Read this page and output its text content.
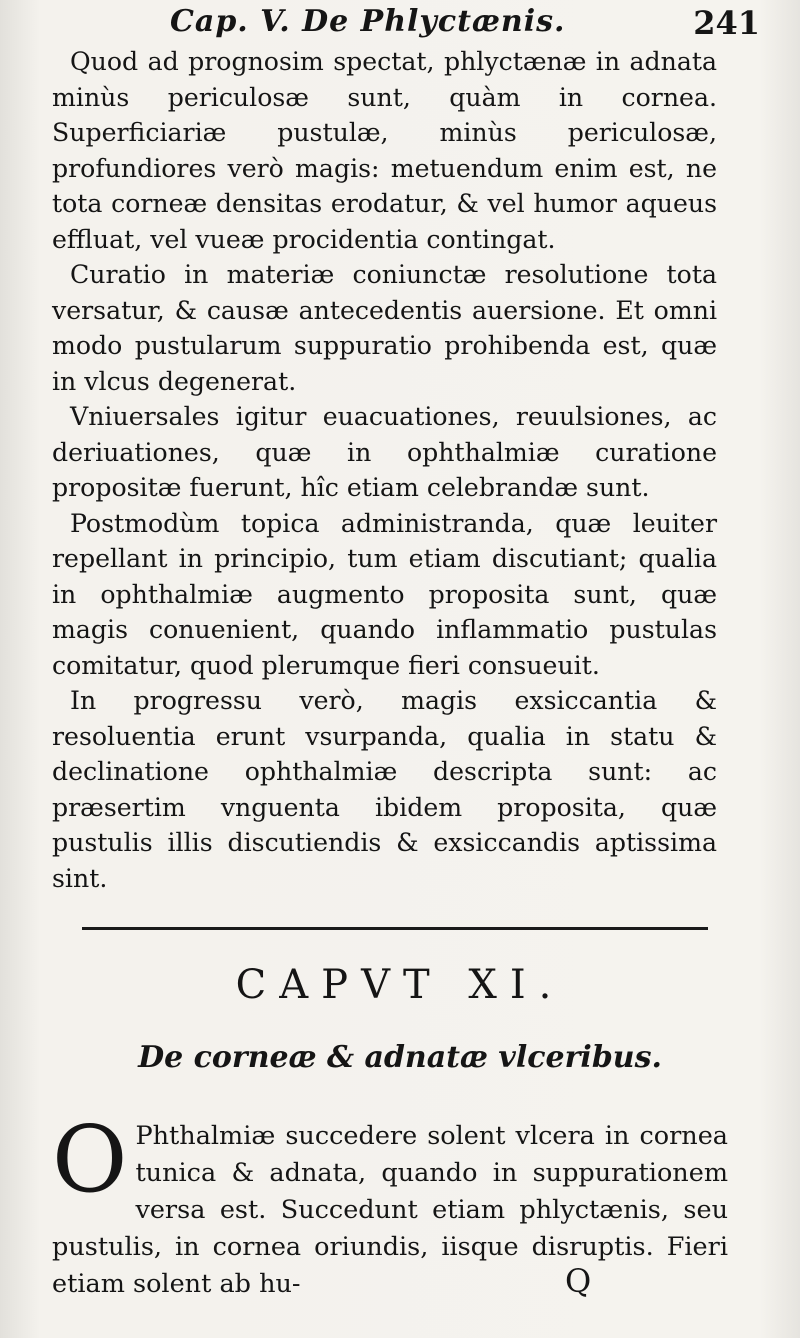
Cap. V. De Phlyctænis.	241

Quod ad prognosim spectat, phlyctænæ in adnata minùs periculosæ sunt, quàm in cornea. Superficiariæ pustulæ, minùs periculosæ, profundiores verò magis: metuendum enim est, ne tota corneæ densitas erodatur, & vel humor aqueus effluat, vel vueæ procidentia contingat.

Curatio in materiæ coniunctæ resolutione tota versatur, & causæ antecedentis auersione. Et omni modo pustularum suppuratio prohibenda est, quæ in vlcus degenerat.

Vniuersales igitur euacuationes, reuulsiones, ac deriuationes, quæ in ophthalmiæ curatione propositæ fuerunt, hîc etiam celebrandæ sunt.

Postmodùm topica administranda, quæ leuiter repellant in principio, tum etiam discutiant; qualia in ophthalmiæ augmento proposita sunt, quæ magis conuenient, quando inflammatio pustulas comitatur, quod plerumque fieri consueuit.

In progressu verò, magis exsiccantia & resoluentia erunt vsurpanda, qualia in statu & declinatione ophthalmiæ descripta sunt: ac præsertim vnguenta ibidem proposita, quæ pustulis illis discutiendis & exsiccandis aptissima sint.

CAPVT XI.
De corneæ & adnatæ vlceribus.
O Phthalmiæ succedere solent vlcera in cornea tunica & adnata, quando in suppurationem versa est. Succedunt etiam phlyctænis, seu pustulis, in cornea oriundis, iisque disruptis. Fieri etiam solent ab hu-	Q
